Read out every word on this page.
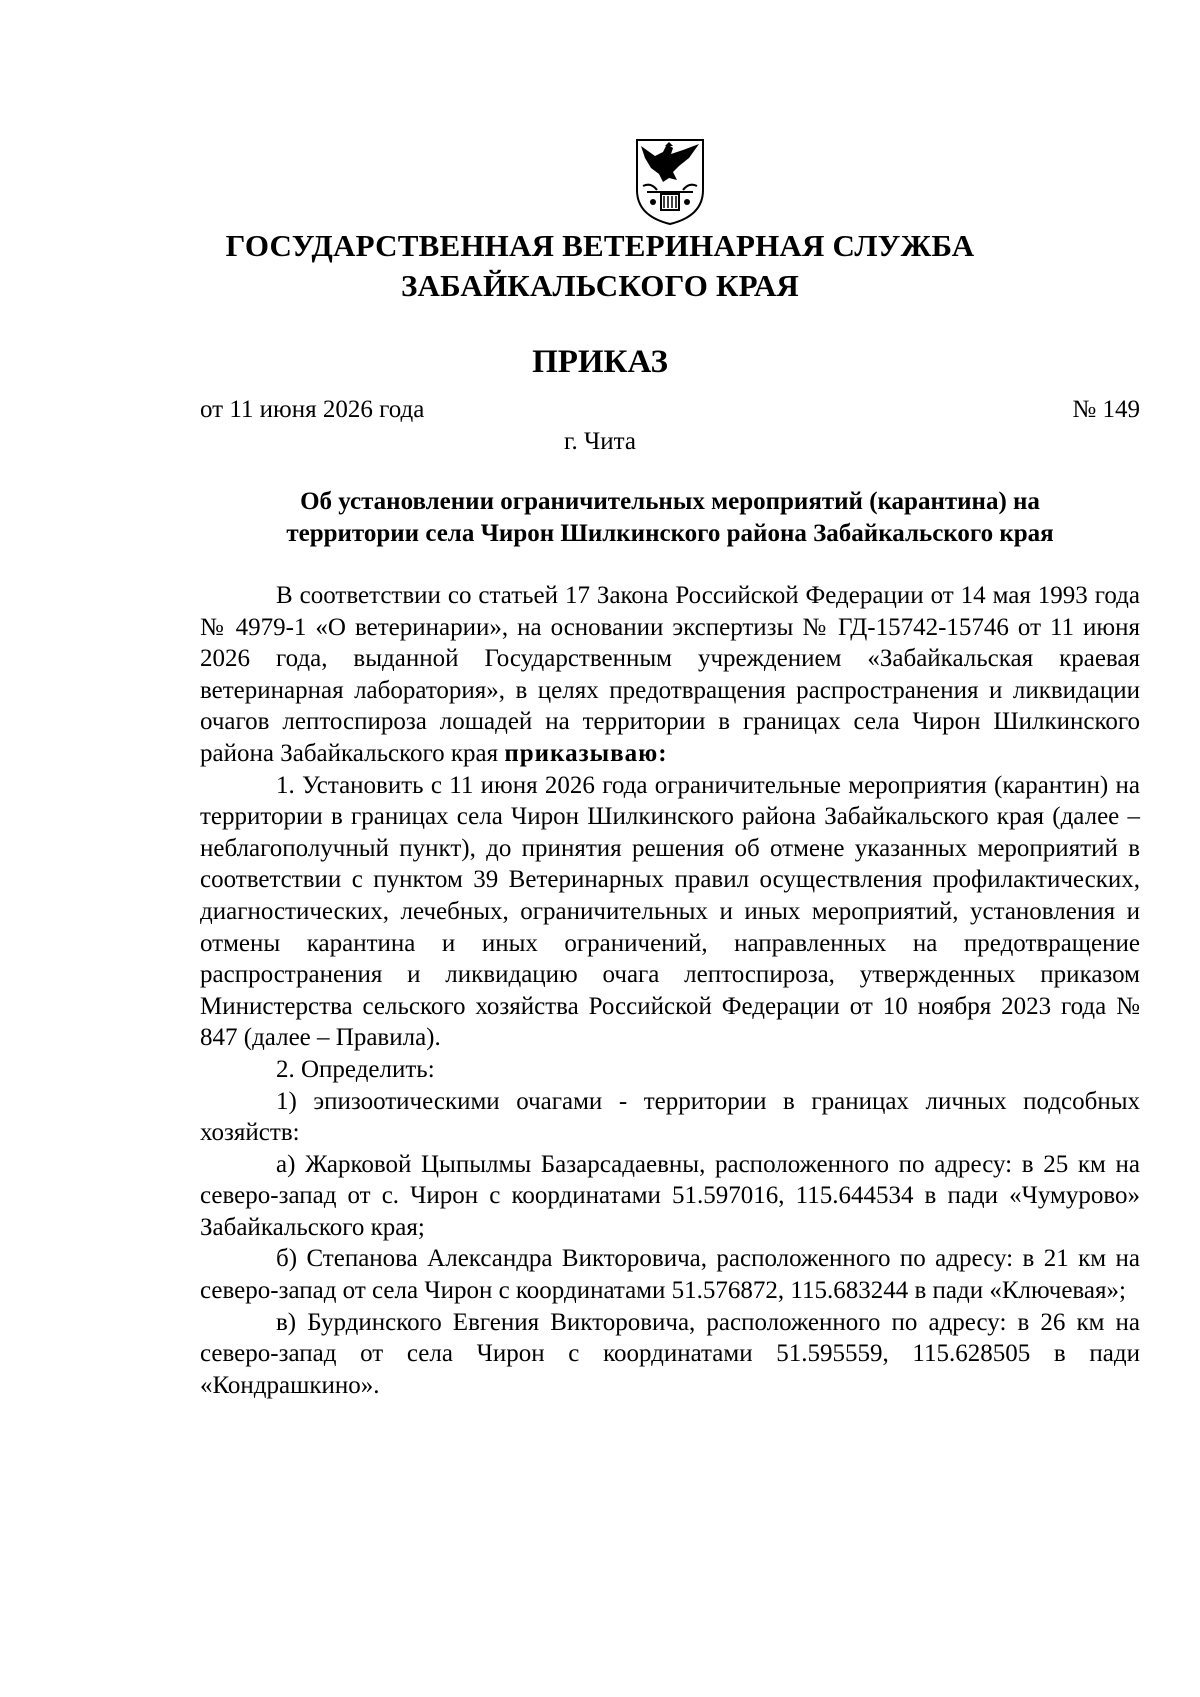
ГОСУДАРСТВЕННАЯ ВЕТЕРИНАРНАЯ СЛУЖБА
ЗАБАЙКАЛЬСКОГО КРАЯ
ПРИКАЗ
от 11 июня 2026 года	№ 149
г. Чита
Об установлении ограничительных мероприятий (карантина) на
территории села Чирон Шилкинского района Забайкальского края

В соответствии со статьей 17 Закона Российской Федерации от 14 мая 1993 года № 4979-1 «О ветеринарии», на основании экспертизы № ГД-15742-15746 от 11 июня 2026 года, выданной Государственным учреждением «Забайкальская краевая ветеринарная лаборатория», в целях предотвращения распространения и ликвидации очагов лептоспироза лошадей на территории в границах села Чирон Шилкинского района Забайкальского края приказываю:

1. Установить с 11 июня 2026 года ограничительные мероприятия (карантин) на территории в границах села Чирон Шилкинского района Забайкальского края (далее – неблагополучный пункт), до принятия решения об отмене указанных мероприятий в соответствии с пунктом 39 Ветеринарных правил осуществления профилактических, диагностических, лечебных, ограничительных и иных мероприятий, установления и отмены карантина и иных ограничений, направленных на предотвращение распространения и ликвидацию очага лептоспироза, утвержденных приказом Министерства сельского хозяйства Российской Федерации от 10 ноября 2023 года № 847 (далее – Правила).

2. Определить:

1) эпизоотическими очагами - территории в границах личных подсобных хозяйств:

а) Жарковой Цыпылмы Базарсадаевны, расположенного по адресу: в 25 км на северо-запад от с. Чирон с координатами 51.597016, 115.644534 в пади «Чумурово» Забайкальского края;

б) Степанова Александра Викторовича, расположенного по адресу: в 21 км на северо-запад от села Чирон с координатами 51.576872, 115.683244 в пади «Ключевая»;

в) Бурдинского Евгения Викторовича, расположенного по адресу: в 26 км на северо-запад от села Чирон с координатами 51.595559, 115.628505 в пади «Кондрашкино».
